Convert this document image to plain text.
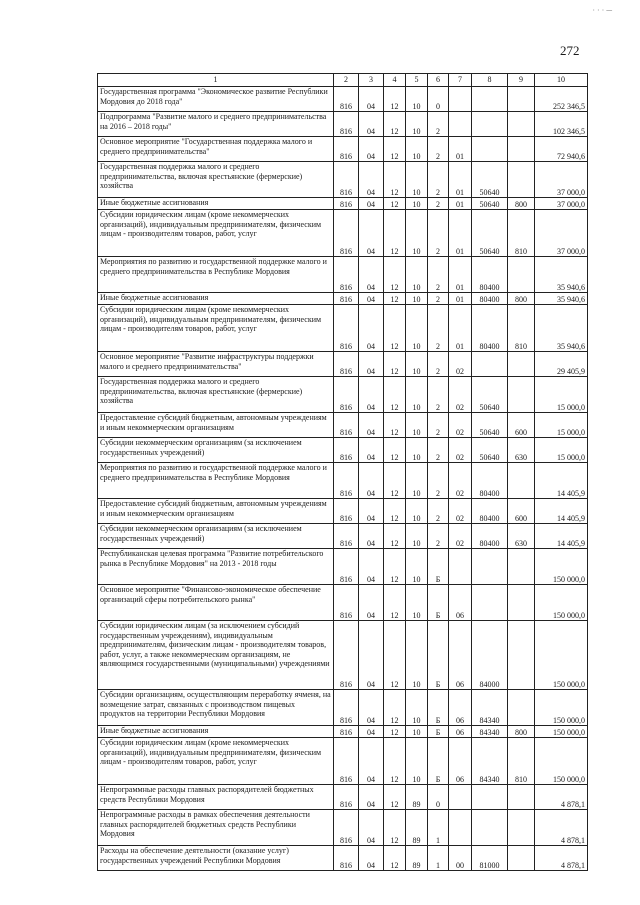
· · · ─
272
1	2	3	4	5	6	7	8	9	10

Государственная программа "Экономическое развитие Республики Мордовия до 2018 года"	816	04	12	10	0				252 346,5

Подпрограмма "Развитие малого и среднего предпринимательства на 2016 – 2018 годы"	816	04	12	10	2				102 346,5

Основное мероприятие "Государственная поддержка малого и среднего предпринимательства"	816	04	12	10	2	01			72 940,6

Государственная поддержка малого и среднего предпринимательства, включая крестьянские (фермерские) хозяйства	816	04	12	10	2	01	50640		37 000,0

Иные бюджетные ассигнования	816	04	12	10	2	01	50640	800	37 000,0

Субсидии юридическим лицам (кроме некоммерческих организаций), индивидуальным предпринимателям, физическим лицам - производителям товаров, работ, услуг	816	04	12	10	2	01	50640	810	37 000,0

Мероприятия по развитию и государственной поддержке малого и среднего предпринимательства в Республике Мордовия	816	04	12	10	2	01	80400		35 940,6

Иные бюджетные ассигнования	816	04	12	10	2	01	80400	800	35 940,6

Субсидии юридическим лицам (кроме некоммерческих организаций), индивидуальным предпринимателям, физическим лицам - производителям товаров, работ, услуг	816	04	12	10	2	01	80400	810	35 940,6

Основное мероприятие "Развитие инфраструктуры поддержки малого и среднего предпринимательства"	816	04	12	10	2	02			29 405,9

Государственная поддержка малого и среднего предпринимательства, включая крестьянские (фермерские) хозяйства	816	04	12	10	2	02	50640		15 000,0

Предоставление субсидий бюджетным, автономным учреждениям и иным некоммерческим организациям	816	04	12	10	2	02	50640	600	15 000,0

Субсидии некоммерческим организациям (за исключением государственных учреждений)	816	04	12	10	2	02	50640	630	15 000,0

Мероприятия по развитию и государственной поддержке малого и среднего предпринимательства в Республике Мордовия	816	04	12	10	2	02	80400		14 405,9

Предоставление субсидий бюджетным, автономным учреждениям и иным некоммерческим организациям	816	04	12	10	2	02	80400	600	14 405,9

Субсидии некоммерческим организациям (за исключением государственных учреждений)	816	04	12	10	2	02	80400	630	14 405,9

Республиканская целевая программа "Развитие потребительского рынка в Республике Мордовия" на 2013 - 2018 годы	816	04	12	10	Б				150 000,0

Основное мероприятие "Финансово-экономическое обеспечение организаций сферы потребительского рынка"	816	04	12	10	Б	06			150 000,0

Субсидии юридическим лицам (за исключением субсидий государственным учреждениям), индивидуальным предпринимателям, физическим лицам - производителям товаров, работ, услуг, а также некоммерческим организациям, не являющимся государственными (муниципальными) учреждениями	816	04	12	10	Б	06	84000		150 000,0

Субсидии организациям, осуществляющим переработку ячменя, на возмещение затрат, связанных с производством пищевых продуктов на территории Республики Мордовия	816	04	12	10	Б	06	84340		150 000,0

Иные бюджетные ассигнования	816	04	12	10	Б	06	84340	800	150 000,0

Субсидии юридическим лицам (кроме некоммерческих организаций), индивидуальным предпринимателям, физическим лицам - производителям товаров, работ, услуг	816	04	12	10	Б	06	84340	810	150 000,0

Непрограммные расходы главных распорядителей бюджетных средств Республики Мордовия	816	04	12	89	0				4 878,1

Непрограммные расходы в рамках обеспечения деятельности главных распорядителей бюджетных средств Республики Мордовия	816	04	12	89	1				4 878,1

Расходы на обеспечение деятельности (оказание услуг) государственных учреждений Республики Мордовия	816	04	12	89	1	00	81000		4 878,1
